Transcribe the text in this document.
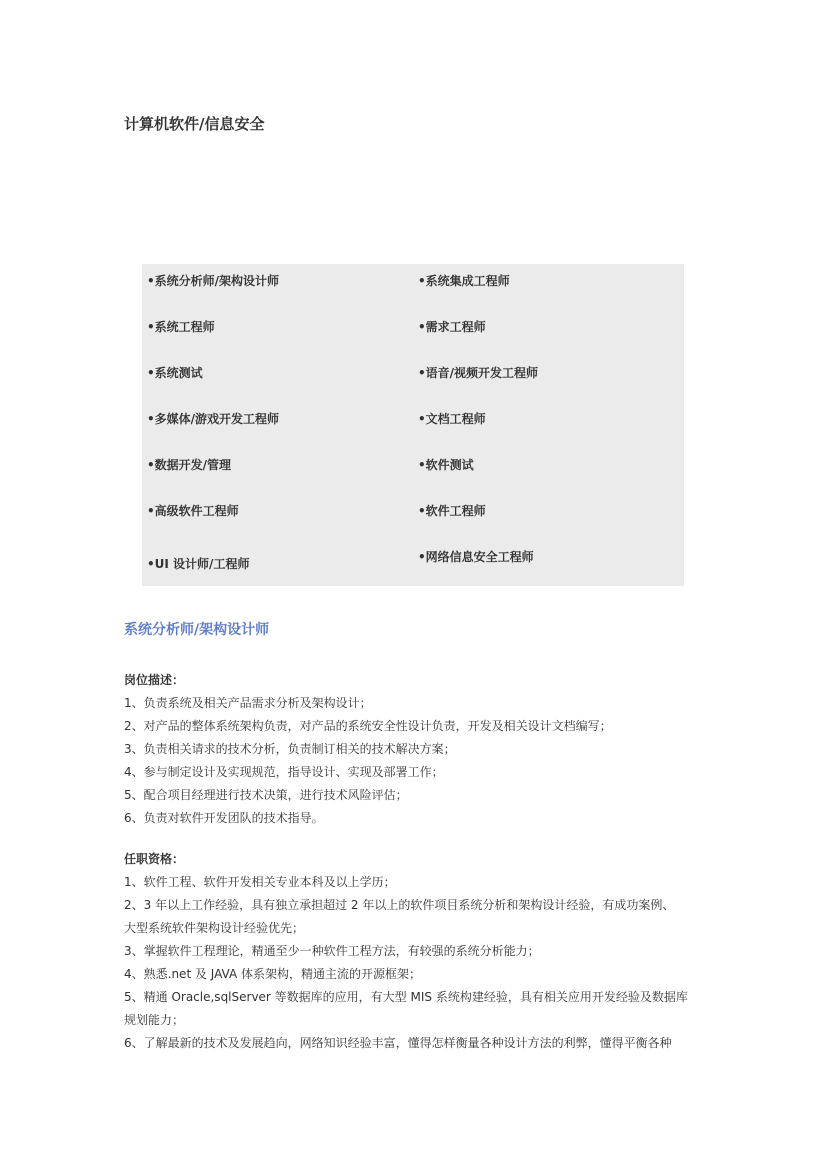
计算机软件/信息安全
•系统分析师/架构设计师
•系统工程师
•系统测试
•多媒体/游戏开发工程师
•数据开发/管理
•高级软件工程师
•UI 设计师/工程师
•系统集成工程师
•需求工程师
•语音/视频开发工程师
•文档工程师
•软件测试
•软件工程师
•网络信息安全工程师
系统分析师/架构设计师
岗位描述：
1、负责系统及相关产品需求分析及架构设计；
2、对产品的整体系统架构负责，对产品的系统安全性设计负责，开发及相关设计文档编写；
3、负责相关请求的技术分析，负责制订相关的技术解决方案；
4、参与制定设计及实现规范，指导设计、实现及部署工作；
5、配合项目经理进行技术决策，进行技术风险评估；
6、负责对软件开发团队的技术指导。
任职资格：
1、软件工程、软件开发相关专业本科及以上学历；
2、3 年以上工作经验，具有独立承担超过 2 年以上的软件项目系统分析和架构设计经验，有成功案例、
大型系统软件架构设计经验优先；
3、掌握软件工程理论，精通至少一种软件工程方法，有较强的系统分析能力；
4、熟悉.net 及 JAVA 体系架构，精通主流的开源框架；
5、精通 Oracle,sqlServer 等数据库的应用，有大型 MIS 系统构建经验，具有相关应用开发经验及数据库
规划能力；
6、了解最新的技术及发展趋向，网络知识经验丰富，懂得怎样衡量各种设计方法的利弊，懂得平衡各种
